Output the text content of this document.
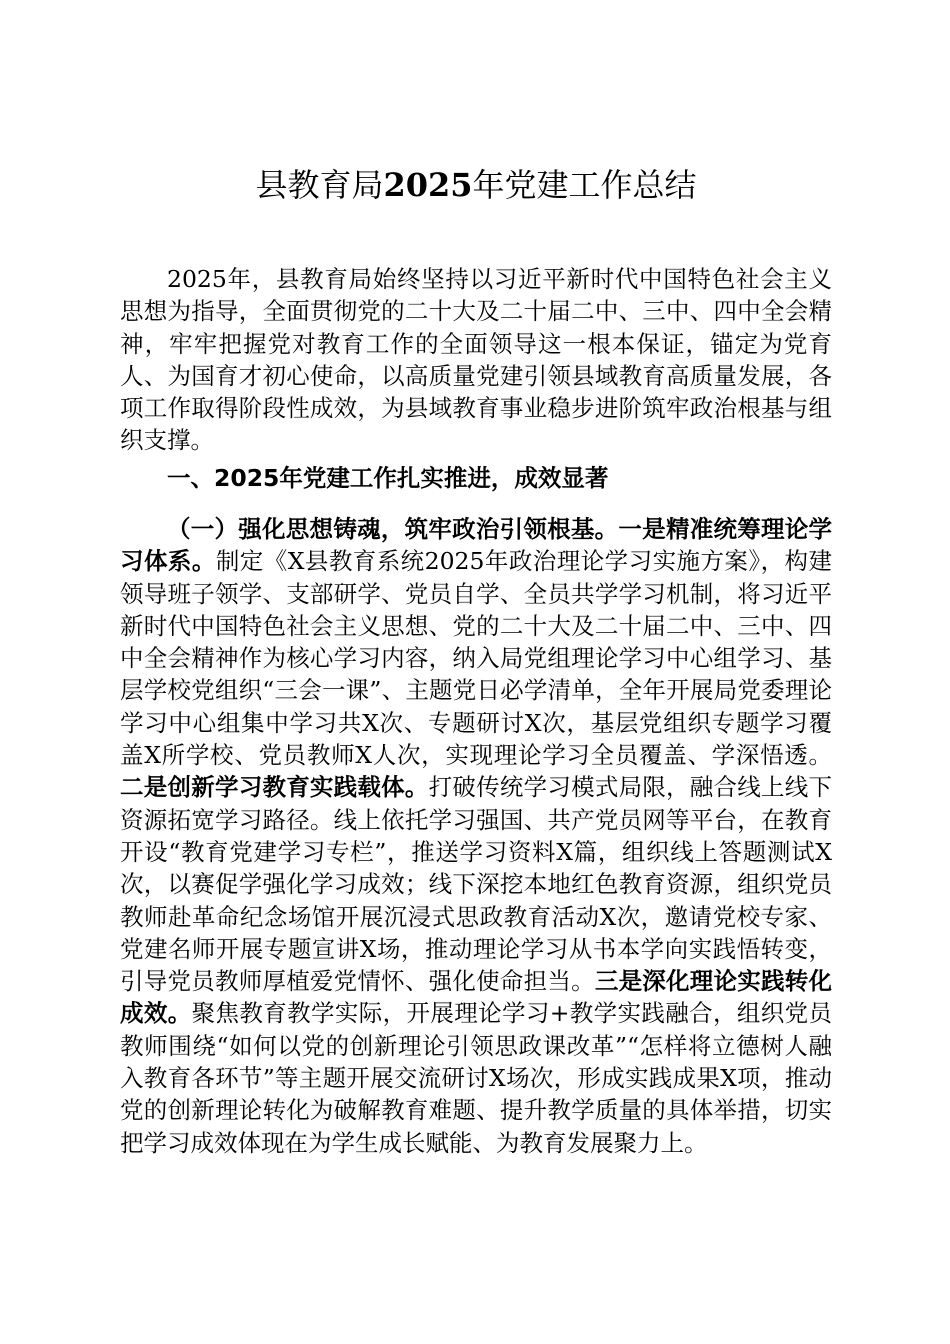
县教育局2025年党建工作总结

2025年，县教育局始终坚持以习近平新时代中国特色社会主义思想为指导，全面贯彻党的二十大及二十届二中、三中、四中全会精神，牢牢把握党对教育工作的全面领导这一根本保证，锚定为党育人、为国育才初心使命，以高质量党建引领县域教育高质量发展，各项工作取得阶段性成效，为县域教育事业稳步进阶筑牢政治根基与组织支撑。

一、2025年党建工作扎实推进，成效显著

（一）强化思想铸魂，筑牢政治引领根基。一是精准统筹理论学习体系。制定《X县教育系统2025年政治理论学习实施方案》，构建领导班子领学、支部研学、党员自学、全员共学学习机制，将习近平新时代中国特色社会主义思想、党的二十大及二十届二中、三中、四中全会精神作为核心学习内容，纳入局党组理论学习中心组学习、基层学校党组织“三会一课”、主题党日必学清单，全年开展局党委理论学习中心组集中学习共X次、专题研讨X次，基层党组织专题学习覆盖X所学校、党员教师X人次，实现理论学习全员覆盖、学深悟透。二是创新学习教育实践载体。打破传统学习模式局限，融合线上线下资源拓宽学习路径。线上依托学习强国、共产党员网等平台，在教育开设“教育党建学习专栏”，推送学习资料X篇，组织线上答题测试X次，以赛促学强化学习成效；线下深挖本地红色教育资源，组织党员教师赴革命纪念场馆开展沉浸式思政教育活动X次，邀请党校专家、党建名师开展专题宣讲X场，推动理论学习从书本学向实践悟转变，引导党员教师厚植爱党情怀、强化使命担当。三是深化理论实践转化成效。聚焦教育教学实际，开展理论学习+教学实践融合，组织党员教师围绕“如何以党的创新理论引领思政课改革”“怎样将立德树人融入教育各环节”等主题开展交流研讨X场次，形成实践成果X项，推动党的创新理论转化为破解教育难题、提升教学质量的具体举措，切实把学习成效体现在为学生成长赋能、为教育发展聚力上。
